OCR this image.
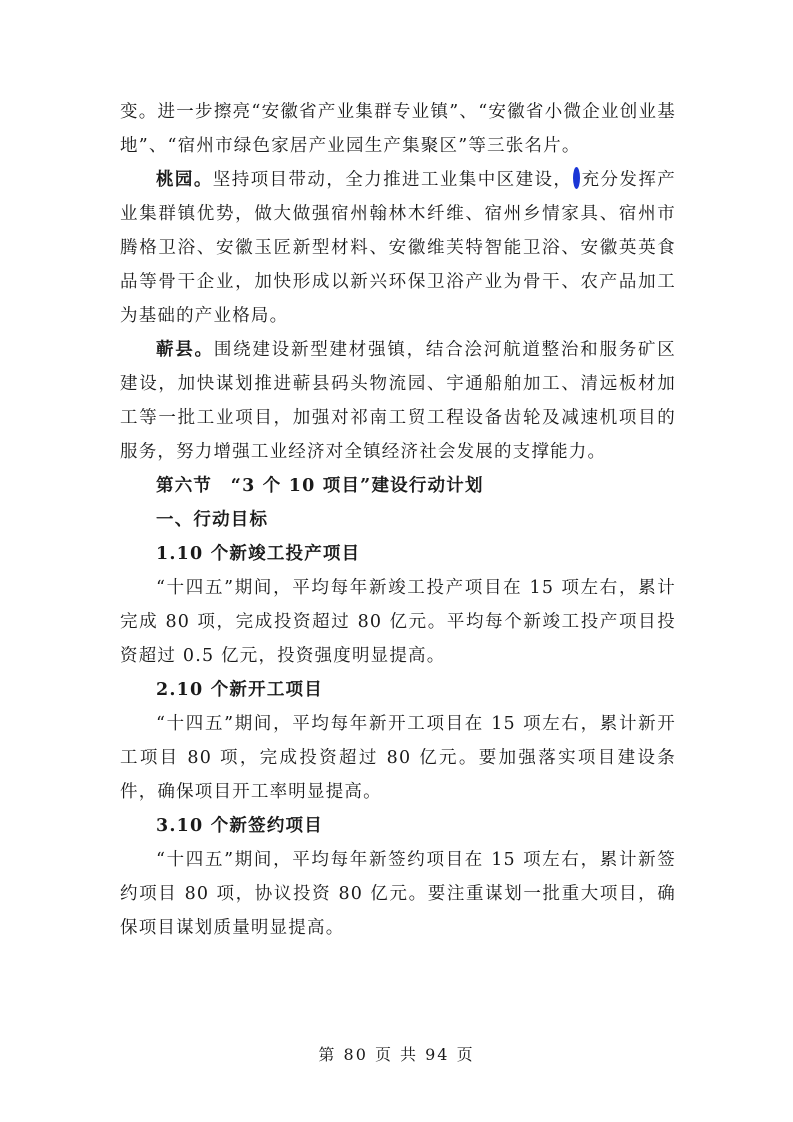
变。进一步擦亮“安徽省产业集群专业镇”、“安徽省小微企业创业基地”、“宿州市绿色家居产业园生产集聚区”等三张名片。

桃园。坚持项目带动，全力推进工业集中区建设， 充分发挥产业集群镇优势，做大做强宿州翰林木纤维、宿州乡情家具、宿州市腾格卫浴、安徽玉匠新型材料、安徽维芙特智能卫浴、安徽英英食品等骨干企业，加快形成以新兴环保卫浴产业为骨干、农产品加工为基础的产业格局。

蕲县。围绕建设新型建材强镇，结合浍河航道整治和服务矿区建设，加快谋划推进蕲县码头物流园、宇通船舶加工、清远板材加工等一批工业项目，加强对祁南工贸工程设备齿轮及减速机项目的服务，努力增强工业经济对全镇经济社会发展的支撑能力。

第六节　“3 个 10 项目”建设行动计划

一、行动目标

1.10 个新竣工投产项目

“十四五”期间，平均每年新竣工投产项目在 15 项左右，累计完成 80 项，完成投资超过 80 亿元。平均每个新竣工投产项目投资超过 0.5 亿元，投资强度明显提高。

2.10 个新开工项目

“十四五”期间，平均每年新开工项目在 15 项左右，累计新开工项目 80 项，完成投资超过 80 亿元。要加强落实项目建设条件，确保项目开工率明显提高。

3.10 个新签约项目

“十四五”期间，平均每年新签约项目在 15 项左右，累计新签约项目 80 项，协议投资 80 亿元。要注重谋划一批重大项目，确保项目谋划质量明显提高。

第 80 页 共 94 页
